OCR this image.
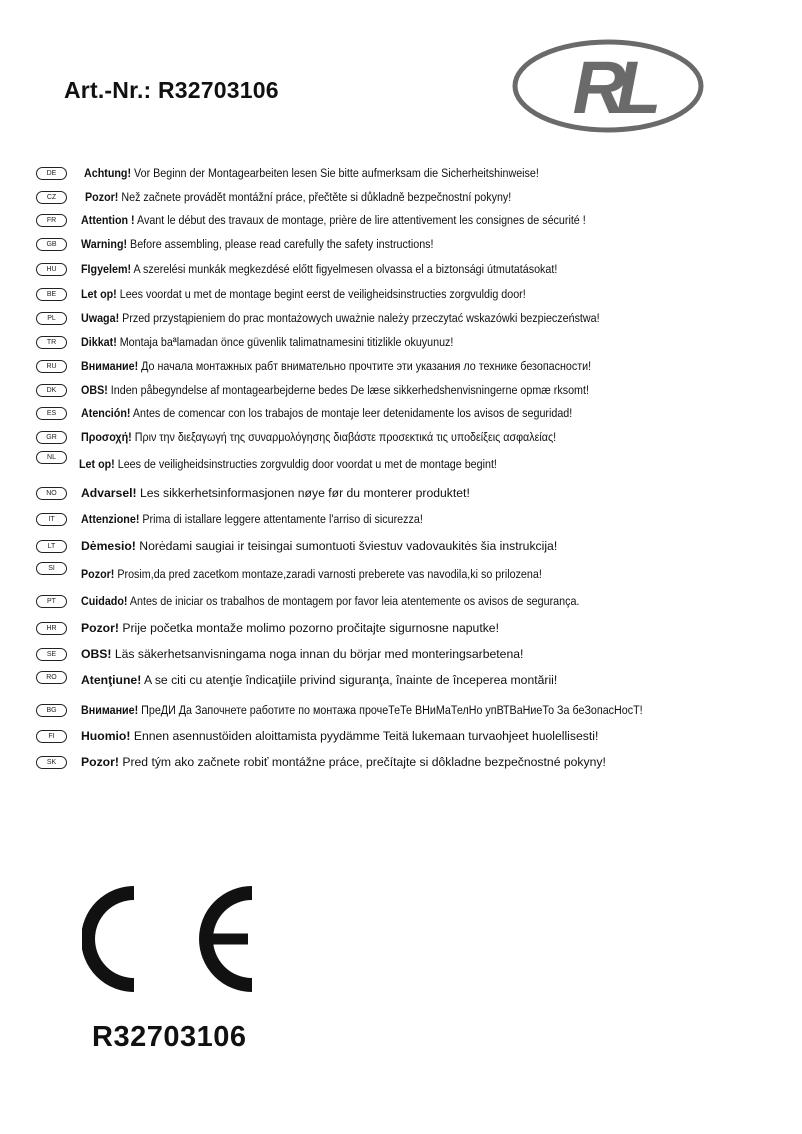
Art.-Nr.: R32703106	RL
DE	Achtung! Vor Beginn der Montagearbeiten lesen Sie bitte aufmerksam die Sicherheitshinweise!
CZ	Pozor! Než začnete provádět montážní práce, přečtěte si důkladně bezpečnostní pokyny!
FR	Attention ! Avant le début des travaux de montage, prière de lire attentivement les consignes de sécurité !
GB	Warning! Before assembling, please read carefully the safety instructions!
HU	FIgyelem! A szerelési munkák megkezdésé előtt figyelmesen olvassa el a biztonsági útmutatásokat!
BE	Let op! Lees voordat u met de montage begint eerst de veiligheidsinstructies zorgvuldig door!
PL	Uwaga! Przed przystąpieniem do prac montażowych uważnie należy przeczytać wskazówki bezpieczeństwa!
TR	Dikkat! Montaja baªlamadan önce güvenlik talimatnamesini titizlikle okuyunuz!
RU	Внимание! До начала монтажных рабт внимательно прочтите эти указания ло технике безопасности!
DK	OBS! Inden påbegyndelse af montagearbejderne bedes De læse sikkerhedshenvisningerne opmæ rksomt!
ES	Atención! Antes de comencar con los trabajos de montaje leer detenidamente los avisos de seguridad!
GR	Προσοχή! Πριν την διεξαγωγή της συναρμολόγησης διαβάστε προσεκτικά τις υποδείξεις ασφαλείας!
NL	Let op! Lees de veiligheidsinstructies zorgvuldig door voordat u met de montage begint!
NO	Advarsel! Les sikkerhetsinformasjonen nøye før du monterer produktet!
IT	Attenzione! Prima di istallare leggere attentamente l'arriso di sicurezza!
LT	Dėmesio! Norėdami saugiai ir teisingai sumontuoti šviestuv vadovaukitės šia instrukcija!
SI	Pozor! Prosim,da pred zacetkom montaze,zaradi varnosti preberete vas navodila,ki so prilozena!
PT	Cuidado! Antes de iniciar os trabalhos de montagem por favor leia atentemente os avisos de segurança.
HR	Pozor! Prije početka montaže molimo pozorno pročitajte sigurnosne naputke!
SE	OBS! Läs säkerhetsanvisningama noga innan du börjar med monteringsarbetena!
RO	Atenţiune! A se citi cu atenţie îndicaţiile privind siguranţa, înainte de începerea montării!
BG	Внимание! ПреДИ Да Започнете работите по монтажа прочеТеТе ВНиМаТелНо упВТВаНиеТо За беЗопасНосТ!
FI	Huomio! Ennen asennustöiden aloittamista pyydämme Teitä lukemaan turvaohjeet huolellisesti!
SK	Pozor! Pred tým ako začnete robiť montážne práce, prečítajte si dôkladne bezpečnostné pokyny!
R32703106
